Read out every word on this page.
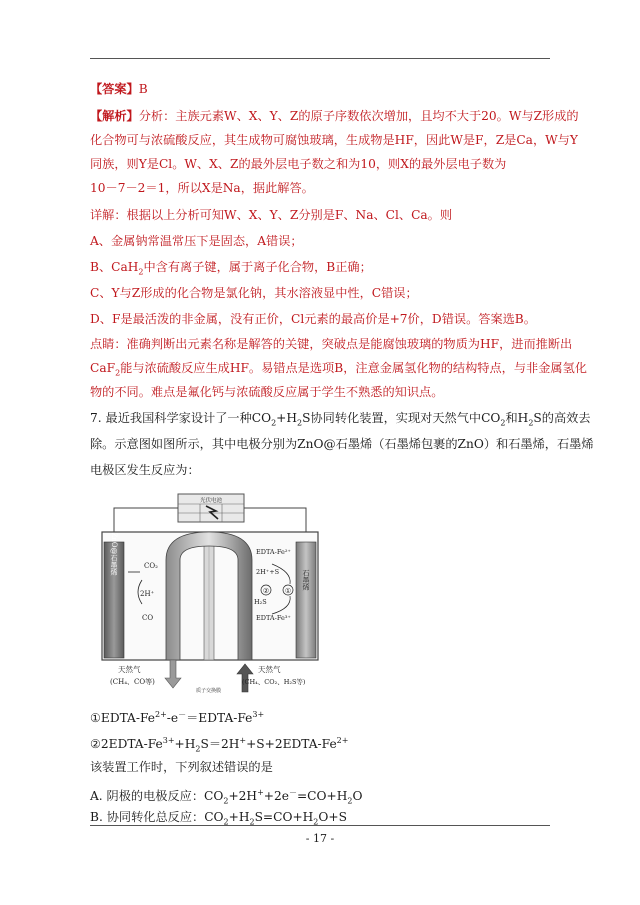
【答案】B
【解析】分析：主族元素W、X、Y、Z的原子序数依次增加，且均不大于20。W与Z形成的
化合物可与浓硫酸反应，其生成物可腐蚀玻璃，生成物是HF，因此W是F，Z是Ca，W与Y
同族，则Y是Cl。W、X、Z的最外层电子数之和为10，则X的最外层电子数为
10－7－2＝1，所以X是Na，据此解答。
详解：根据以上分析可知W、X、Y、Z分别是F、Na、Cl、Ca。则
A、金属钠常温常压下是固态，A错误；
B、CaH$_2$中含有离子键，属于离子化合物，B正确；
C、Y与Z形成的化合物是氯化钠，其水溶液显中性，C错误；
D、F是最活泼的非金属，没有正价，Cl元素的最高价是+7价，D错误。答案选B。
点睛：准确判断出元素名称是解答的关键，突破点是能腐蚀玻璃的物质为HF，进而推断出
CaF$_2$能与浓硫酸反应生成HF。易错点是选项B，注意金属氢化物的结构特点，与非金属氢化
物的不同。难点是氟化钙与浓硫酸反应属于学生不熟悉的知识点。
7. 最近我国科学家设计了一种$CO_2+H_2S$协同转化装置，实现对天然气中$CO_2$和$H_2S$的高效去
除。示意图如图所示，其中电极分别为ZnO@石墨烯（石墨烯包裹的ZnO）和石墨烯，石墨烯
电极区发生反应为：
光伏电池
ZnO@石墨烯
石墨烯
CO₂
2H⁺
CO
EDTA-Fe²⁺
2H⁺+S
② ①
H₂S
EDTA-Fe³⁺
天然气
(CH₄、CO等)
质子交换膜
天然气
(CH₄、CO₂、H₂S等)
①EDTA-$Fe^{2+}-e^-=EDTA-Fe^{3+}$
$②2EDTA-Fe^{3+}+H_2S=2H^++S+2EDTA-Fe^{2+}$
该装置工作时，下列叙述错误的是
A. 阴极的电极反应：$CO_2+2H^++2e^-=CO+H_2O$
B. 协同转化总反应：$CO_2+H_2S=CO+H_2O+S$
- 17 -
